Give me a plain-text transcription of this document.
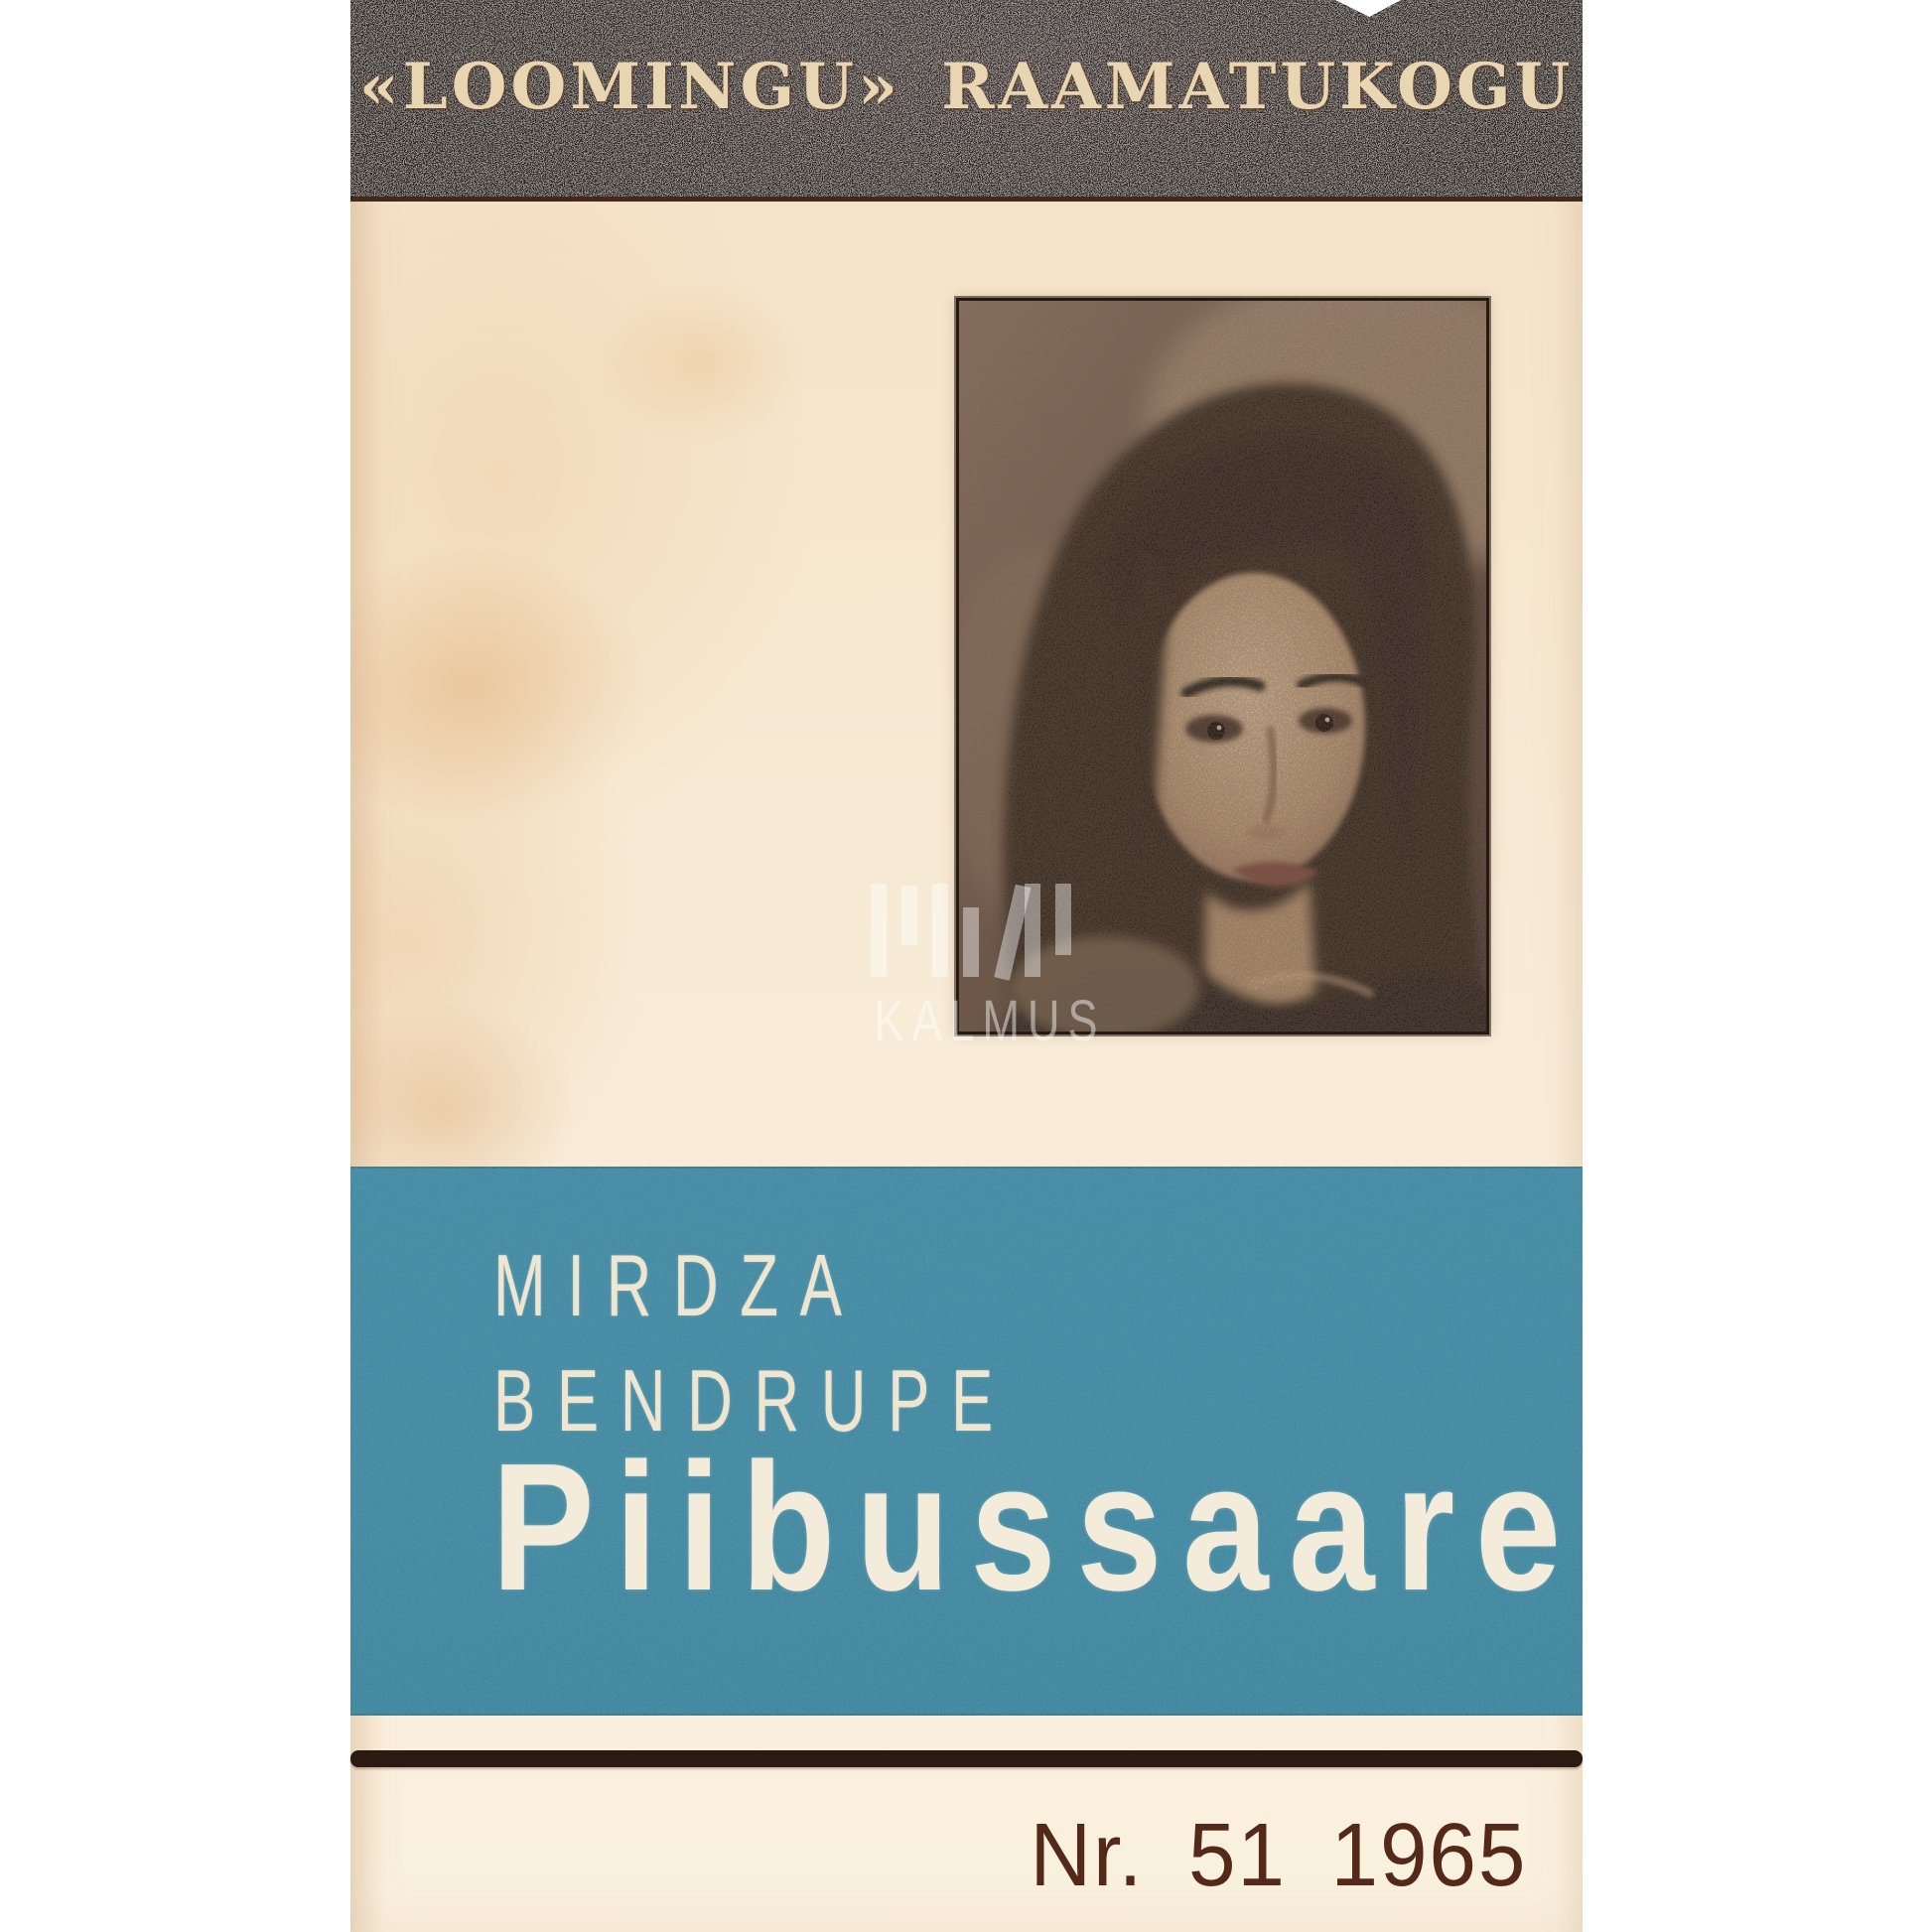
«LOOMINGU» RAAMATUKOGU
KALMUS
MIRDZA
BENDRUPE
Piibussaare
Nr. 51 1965
